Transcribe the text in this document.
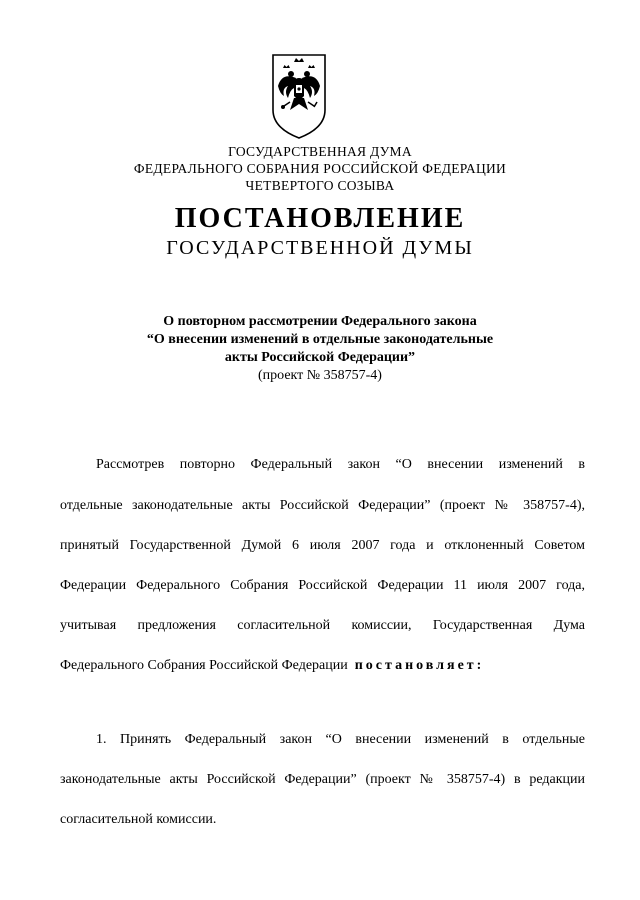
ГОСУДАРСТВЕННАЯ ДУМА
ФЕДЕРАЛЬНОГО СОБРАНИЯ РОССИЙСКОЙ ФЕДЕРАЦИИ
ЧЕТВЕРТОГО СОЗЫВА
ПОСТАНОВЛЕНИЕ
ГОСУДАРСТВЕННОЙ ДУМЫ
О повторном рассмотрении Федерального закона
“О внесении изменений в отдельные законодательные
акты Российской Федерации”
(проект № 358757-4)
Рассмотрев повторно Федеральный закон “О внесении изменений в
отдельные законодательные акты Российской Федерации” (проект № 358757-4),
принятый Государственной Думой 6 июля 2007 года и отклоненный Советом
Федерации Федерального Собрания Российской Федерации 11 июля 2007 года,
учитывая предложения согласительной комиссии, Государственная Дума
Федерального Собрания Российской Федерации постановляет:
1. Принять Федеральный закон “О внесении изменений в отдельные
законодательные акты Российской Федерации” (проект № 358757-4) в редакции
согласительной комиссии.
